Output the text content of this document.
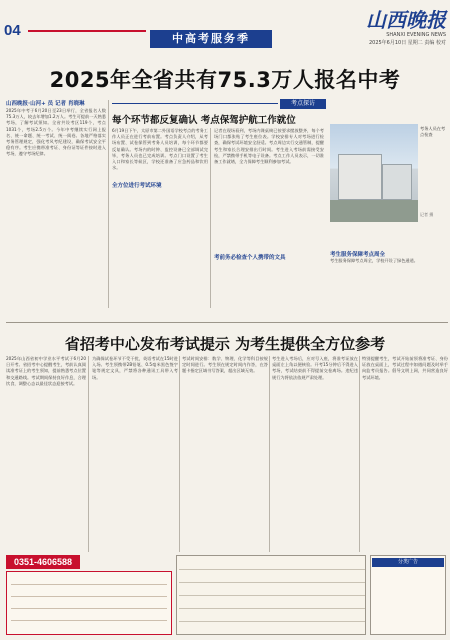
04	中高考服务季
山西晚报
SHANXI EVENING NEWS
2025年6月10日 星期二 责编 校对
2025年全省共有75.3万人报名中考
山西晚报·山河+ 员 记者 肖晓琳
2025年中考于6月20日至23日举行，全省报名人数75.3万人，较去年增加1.2万人。考生可提前一天熟悉考场，了解考试须知。全省共设考区119个，考点1031个，考场2.5万个。今年中考继续实行网上报名、统一命题、统一考试、统一阅卷。各地严格落实考务管理规定，强化考风考纪建设，确保考试安全平稳有序。考生应携带准考证、身份证等证件按时进入考场，遵守考场纪律。
考点探访
每个环节都反复确认 考点保驾护航工作就位
6月19日下午，太原市第二外国语学校考点的考务工作人员正在进行考前布置。考点负责人介绍，从考场布置、试卷保管到考务人员培训，每个环节都要反复确认。考场内的时钟、监控设备已全部调试完毕，考务人员也已完成培训。考点门口设置了考生入口和家长等候区，学校还准备了应急药品和饮用水。
全方位进行考试环境
记者在现场看到，考场内课桌椅已按要求摆放整齐，每个考场门口都张贴了考生座位表。学校安排专人对考场进行检查，确保考试环境安全舒适。考点周边实行交通管制，提醒考生和家长合理安排出行时间。考生进入考场前需接受安检，严禁携带手机等电子设备。考点工作人员表示，一切准备工作就绪，全力保障考生顺利参加考试。
考前务必检查个人携带的文具
考务人员在考点检查
记者 摄
考生服务保障考点周全
考生服务保障考点周全，学校开设了绿色通道。
省招考中心发布考试提示 为考生提供全方位参考
2025年山西省初中学业水平考试于6月20日开考。省招考中心提醒考生，考前认真阅读准考证上的考生须知，提前熟悉考点位置和交通路线。考试期间保持良好作息，合理饮食，调整心态以最佳状态迎接考试。
为确保试卷环节不受干扰，英语考试在15时进入场。考生须携带2B铅笔、0.5毫米黑色签字笔等规定文具，严禁将各种通讯工具带入考场。
考试时间安排：数学、物理、化学等科目按规定时间进行。考生须在规定时间内作答，在答题卡指定区域书写答案，超出区域无效。
考生进入考场后，应对号入座，将准考证放在桌面左上角以便核验。开考15分钟后不得进入考场，考试结束前不得提前交卷离场。违纪违规行为将依法依规严肃处理。
特别提醒考生，考试开始前须将准考证、身份证放在桌面上，考试过程中如遇问题及时举手向监考员报告。倡导文明上网，共同营造良好考试环境。
0351-4606588	分类广告
